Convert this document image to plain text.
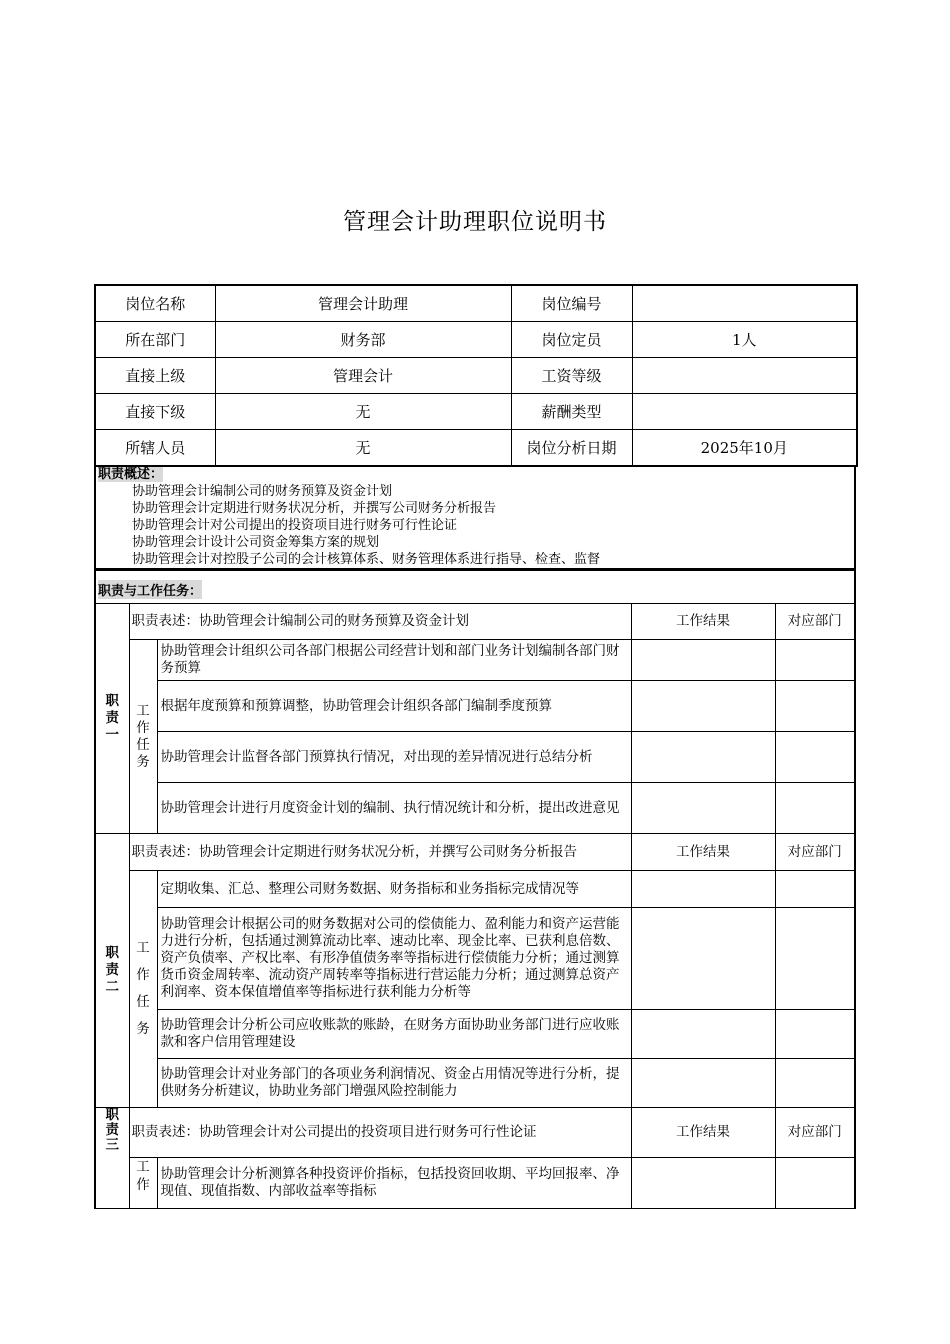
管理会计助理职位说明书
岗位名称	管理会计助理	岗位编号	
所在部门	财务部	岗位定员	1人
直接上级	管理会计	工资等级	
直接下级	无	薪酬类型	
所辖人员	无	岗位分析日期	2025年10月
职责概述：
协助管理会计编制公司的财务预算及资金计划
协助管理会计定期进行财务状况分析，并撰写公司财务分析报告
协助管理会计对公司提出的投资项目进行财务可行性论证
协助管理会计设计公司资金筹集方案的规划
协助管理会计对控股子公司的会计核算体系、财务管理体系进行指导、检查、监督
职责与工作任务：
职责一	职责表述：协助管理会计编制公司的财务预算及资金计划		工作结果	对应部门
	工作任务	协助管理会计组织公司各部门根据公司经营计划和部门业务计划编制各部门财务预算		
		根据年度预算和预算调整，协助管理会计组织各部门编制季度预算		
		协助管理会计监督各部门预算执行情况，对出现的差异情况进行总结分析		
		协助管理会计进行月度资金计划的编制、执行情况统计和分析，提出改进意见		
职责二	职责表述：协助管理会计定期进行财务状况分析，并撰写公司财务分析报告		工作结果	对应部门
	工作任务	定期收集、汇总、整理公司财务数据、财务指标和业务指标完成情况等		
		协助管理会计根据公司的财务数据对公司的偿债能力、盈利能力和资产运营能力进行分析，包括通过测算流动比率、速动比率、现金比率、已获利息倍数、资产负债率、产权比率、有形净值债务率等指标进行偿债能力分析；通过测算货币资金周转率、流动资产周转率等指标进行营运能力分析；通过测算总资产利润率、资本保值增值率等指标进行获利能力分析等		
		协助管理会计分析公司应收账款的账龄，在财务方面协助业务部门进行应收账款和客户信用管理建设		
		协助管理会计对业务部门的各项业务利润情况、资金占用情况等进行分析，提供财务分析建议，协助业务部门增强风险控制能力		
职责三	职责表述：协助管理会计对公司提出的投资项目进行财务可行性论证		工作结果	对应部门
	工作	协助管理会计分析测算各种投资评价指标，包括投资回收期、平均回报率、净现值、现值指数、内部收益率等指标		
